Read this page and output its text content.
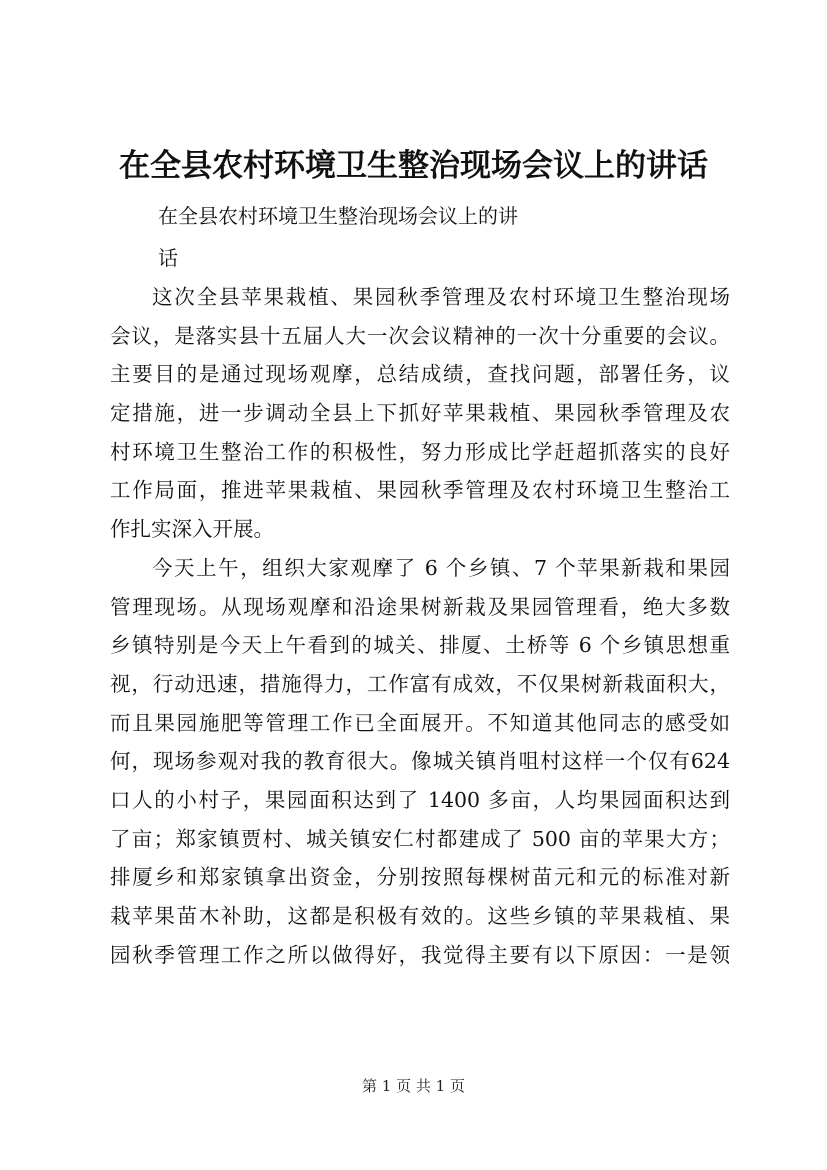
在全县农村环境卫生整治现场会议上的讲话
在全县农村环境卫生整治现场会议上的讲
话
这次全县苹果栽植、果园秋季管理及农村环境卫生整治现场
会议，是落实县十五届人大一次会议精神的一次十分重要的会议。
主要目的是通过现场观摩，总结成绩，查找问题，部署任务，议
定措施，进一步调动全县上下抓好苹果栽植、果园秋季管理及农
村环境卫生整治工作的积极性，努力形成比学赶超抓落实的良好
工作局面，推进苹果栽植、果园秋季管理及农村环境卫生整治工
作扎实深入开展。
今天上午，组织大家观摩了 6 个乡镇、7 个苹果新栽和果园
管理现场。从现场观摩和沿途果树新栽及果园管理看，绝大多数
乡镇特别是今天上午看到的城关、排厦、土桥等 6 个乡镇思想重
视，行动迅速，措施得力，工作富有成效，不仅果树新栽面积大，
而且果园施肥等管理工作已全面展开。不知道其他同志的感受如
何，现场参观对我的教育很大。像城关镇肖咀村这样一个仅有624
口人的小村子，果园面积达到了 1400 多亩，人均果园面积达到
了亩；郑家镇贾村、城关镇安仁村都建成了 500 亩的苹果大方；
排厦乡和郑家镇拿出资金，分别按照每棵树苗元和元的标准对新
栽苹果苗木补助，这都是积极有效的。这些乡镇的苹果栽植、果
园秋季管理工作之所以做得好，我觉得主要有以下原因：一是领
第 1 页 共 1 页
